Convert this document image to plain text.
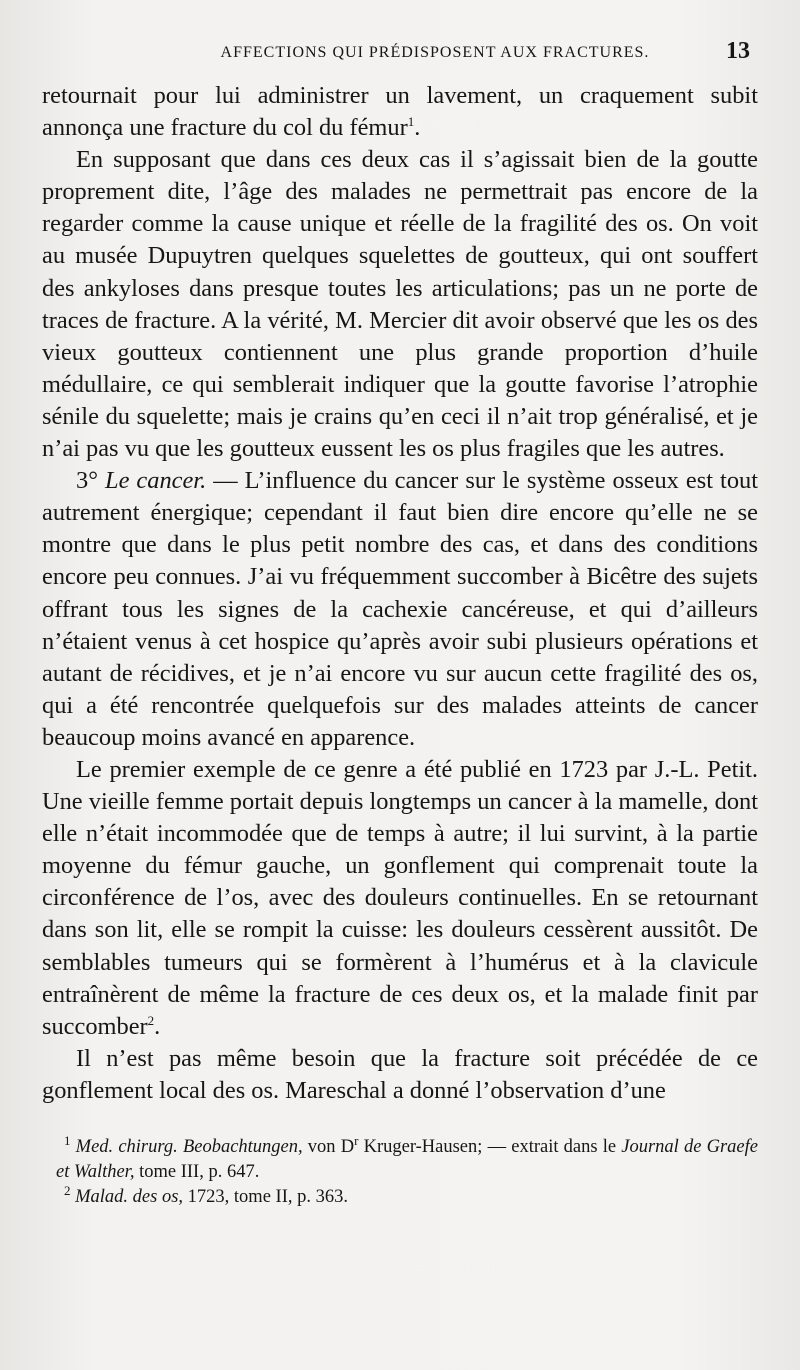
AFFECTIONS QUI PRÉDISPOSENT AUX FRACTURES.	13

retournait pour lui administrer un lavement, un craquement subit annonça une fracture du col du fémur$^1$.

En supposant que dans ces deux cas il s’agissait bien de la goutte proprement dite, l’âge des malades ne permettrait pas encore de la regarder comme la cause unique et réelle de la fragilité des os. On voit au musée Dupuytren quelques squelettes de goutteux, qui ont souffert des ankyloses dans presque toutes les articulations; pas un ne porte de traces de fracture. A la vérité, M. Mercier dit avoir observé que les os des vieux goutteux contiennent une plus grande proportion d’huile médullaire, ce qui semblerait indiquer que la goutte favorise l’atrophie sénile du squelette; mais je crains qu’en ceci il n’ait trop généralisé, et je n’ai pas vu que les goutteux eussent les os plus fragiles que les autres.

3° Le cancer. — L’influence du cancer sur le système osseux est tout autrement énergique; cependant il faut bien dire encore qu’elle ne se montre que dans le plus petit nombre des cas, et dans des conditions encore peu connues. J’ai vu fréquemment succomber à Bicêtre des sujets offrant tous les signes de la cachexie cancéreuse, et qui d’ailleurs n’étaient venus à cet hospice qu’après avoir subi plusieurs opérations et autant de récidives, et je n’ai encore vu sur aucun cette fragilité des os, qui a été rencontrée quelquefois sur des malades atteints de cancer beaucoup moins avancé en apparence.

Le premier exemple de ce genre a été publié en 1723 par J.-L. Petit. Une vieille femme portait depuis longtemps un cancer à la mamelle, dont elle n’était incommodée que de temps à autre; il lui survint, à la partie moyenne du fémur gauche, un gonflement qui comprenait toute la circonférence de l’os, avec des douleurs continuelles. En se retournant dans son lit, elle se rompit la cuisse: les douleurs cessèrent aussitôt. De semblables tumeurs qui se formèrent à l’humérus et à la clavicule entraînèrent de même la fracture de ces deux os, et la malade finit par succomber$^2$.

Il n’est pas même besoin que la fracture soit précédée de ce gonflement local des os. Mareschal a donné l’observation d’une

$^1$ Med. chirurg. Beobachtungen, von $D^r$ Kruger-Hausen; — extrait dans le Journal de Graefe et Walther, tome III, p. 647.

$^2$ Malad. des os, 1723, tome II, p. 363.
